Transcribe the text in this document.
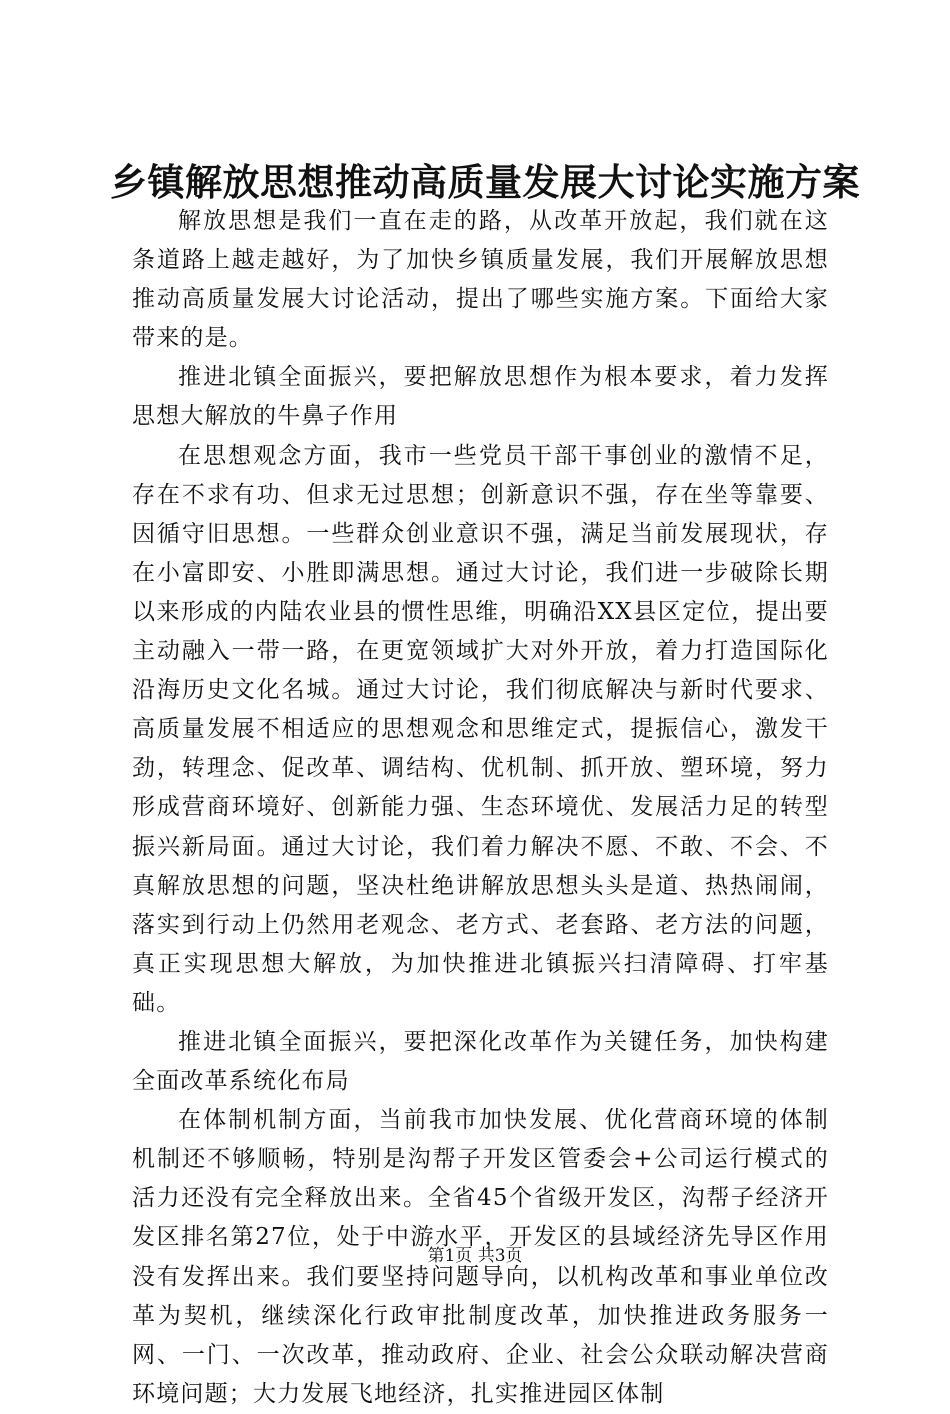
乡镇解放思想推动高质量发展大讨论实施方案

解放思想是我们一直在走的路，从改革开放起，我们就在这条道路上越走越好，为了加快乡镇质量发展，我们开展解放思想推动高质量发展大讨论活动，提出了哪些实施方案。下面给大家带来的是。

推进北镇全面振兴，要把解放思想作为根本要求，着力发挥思想大解放的牛鼻子作用

在思想观念方面，我市一些党员干部干事创业的激情不足，存在不求有功、但求无过思想；创新意识不强，存在坐等靠要、因循守旧思想。一些群众创业意识不强，满足当前发展现状，存在小富即安、小胜即满思想。通过大讨论，我们进一步破除长期以来形成的内陆农业县的惯性思维，明确沿XX县区定位，提出要主动融入一带一路，在更宽领域扩大对外开放，着力打造国际化沿海历史文化名城。通过大讨论，我们彻底解决与新时代要求、高质量发展不相适应的思想观念和思维定式，提振信心，激发干劲，转理念、促改革、调结构、优机制、抓开放、塑环境，努力形成营商环境好、创新能力强、生态环境优、发展活力足的转型振兴新局面。通过大讨论，我们着力解决不愿、不敢、不会、不真解放思想的问题，坚决杜绝讲解放思想头头是道、热热闹闹，落实到行动上仍然用老观念、老方式、老套路、老方法的问题，真正实现思想大解放，为加快推进北镇振兴扫清障碍、打牢基础。

推进北镇全面振兴，要把深化改革作为关键任务，加快构建全面改革系统化布局

在体制机制方面，当前我市加快发展、优化营商环境的体制机制还不够顺畅，特别是沟帮子开发区管委会+公司运行模式的活力还没有完全释放出来。全省45个省级开发区，沟帮子经济开发区排名第27位，处于中游水平，开发区的县域经济先导区作用没有发挥出来。我们要坚持问题导向，以机构改革和事业单位改革为契机，继续深化行政审批制度改革，加快推进政务服务一网、一门、一次改革，推动政府、企业、社会公众联动解决营商环境问题；大力发展飞地经济，扎实推进园区体制

第1页 共3页
